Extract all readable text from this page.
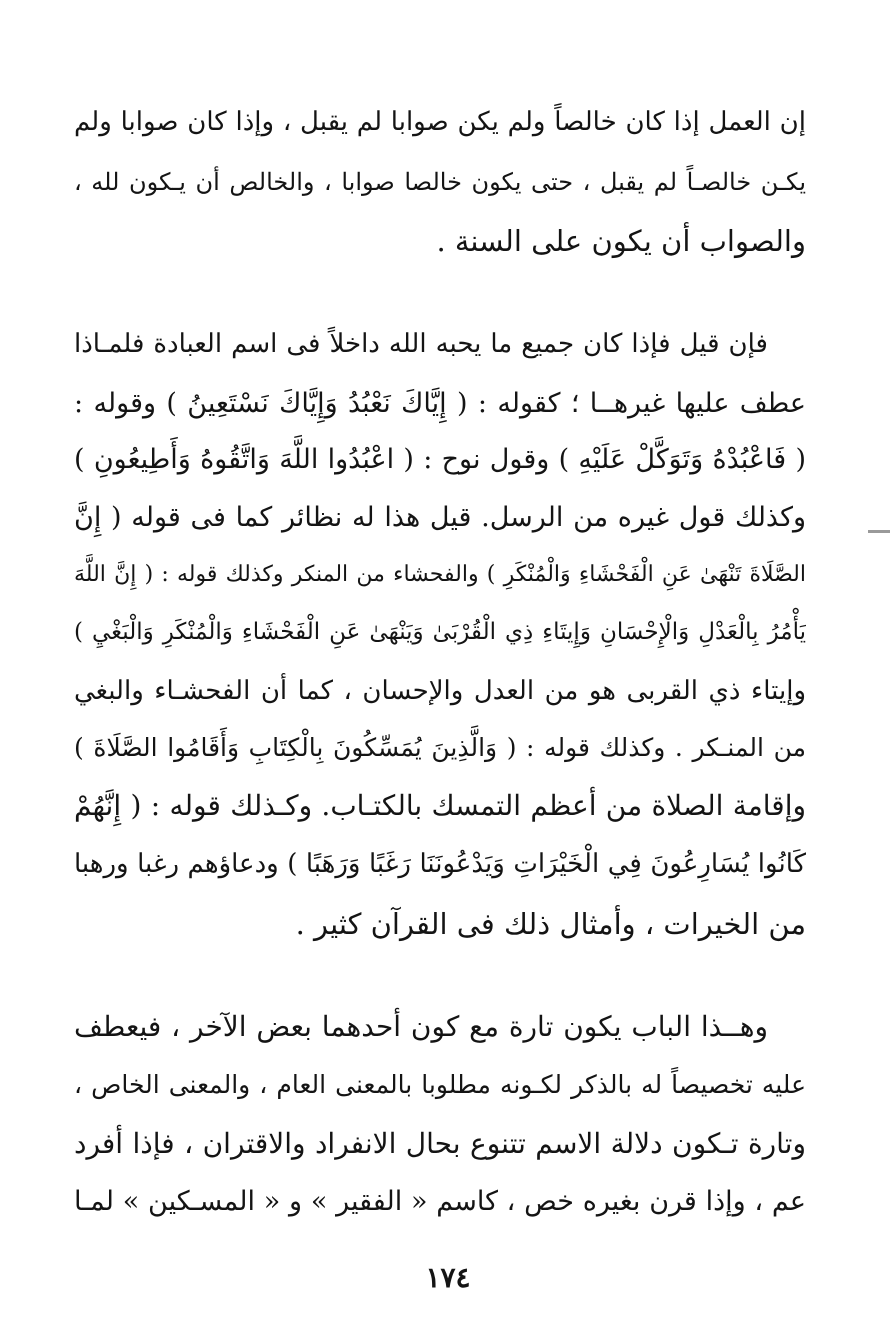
إن العمل إذا كان خالصاً ولم يكن صوابا لم يقبل ، وإذا كان صوابا ولم
يكـن خالصـاً لم يقبل ، حتى يكون خالصا صوابا ، والخالص أن يـكون لله ،
والصواب أن يكون على السنة .
فإن قيل فإذا كان جميع ما يحبه الله داخلاً فى اسم العبادة فلمـاذا
عطف عليها غيرهــا ؛ كقوله : ( إِيَّاكَ نَعْبُدُ وَإِيَّاكَ نَسْتَعِينُ ) وقوله :
( فَاعْبُدْهُ وَتَوَكَّلْ عَلَيْهِ ) وقول نوح : ( اعْبُدُوا اللَّهَ وَاتَّقُوهُ وَأَطِيعُونِ )
وكذلك قول غيره من الرسل. قيل هذا له نظائر كما فى قوله ( إِنَّ
الصَّلَاةَ تَنْهَىٰ عَنِ الْفَحْشَاءِ وَالْمُنْكَرِ ) والفحشاء من المنكر وكذلك قوله : ( إِنَّ اللَّهَ
يَأْمُرُ بِالْعَدْلِ وَالْإِحْسَانِ وَإِيتَاءِ ذِي الْقُرْبَىٰ وَيَنْهَىٰ عَنِ الْفَحْشَاءِ وَالْمُنْكَرِ وَالْبَغْيِ )
وإيتاء ذي القربى هو من العدل والإحسان ، كما أن الفحشـاء والبغي
من المنـكر . وكذلك قوله : ( وَالَّذِينَ يُمَسِّكُونَ بِالْكِتَابِ وَأَقَامُوا الصَّلَاةَ )
وإقامة الصلاة من أعظم التمسك بالكتـاب. وكـذلك قوله : ( إِنَّهُمْ
كَانُوا يُسَارِعُونَ فِي الْخَيْرَاتِ وَيَدْعُونَنَا رَغَبًا وَرَهَبًا ) ودعاؤهم رغبا ورهبا
من الخيرات ، وأمثال ذلك فى القرآن كثير .
وهــذا الباب يكون تارة مع كون أحدهما بعض الآخر ، فيعطف
عليه تخصيصاً له بالذكر لكـونه مطلوبا بالمعنى العام ، والمعنى الخاص ،
وتارة تـكون دلالة الاسم تتنوع بحال الانفراد والاقتران ، فإذا أفرد
عم ، وإذا قرن بغيره خص ، كاسم « الفقير » و « المسـكين » لمـا
١٧٤
